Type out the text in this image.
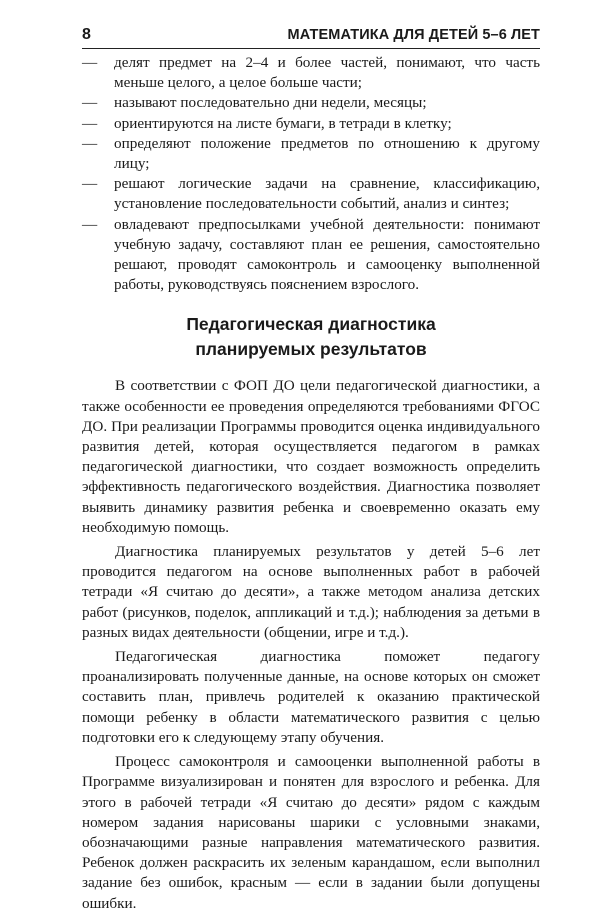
8	МАТЕМАТИКА ДЛЯ ДЕТЕЙ 5–6 ЛЕТ
— делят предмет на 2–4 и более частей, понимают, что часть меньше целого, а целое больше части;
— называют последовательно дни недели, месяцы;
— ориентируются на листе бумаги, в тетради в клетку;
— определяют положение предметов по отношению к другому лицу;
— решают логические задачи на сравнение, классификацию, установление последовательности событий, анализ и синтез;
— овладевают предпосылками учебной деятельности: понимают учебную задачу, составляют план ее решения, самостоятельно решают, проводят самоконтроль и самооценку выполненной работы, руководствуясь пояснением взрослого.
Педагогическая диагностика
планируемых результатов

В соответствии с ФОП ДО цели педагогической диагностики, а также особенности ее проведения определяются требованиями ФГОС ДО. При реализации Программы проводится оценка индивидуального развития детей, которая осуществляется педагогом в рамках педагогической диагностики, что создает возможность определить эффективность педагогического воздействия. Диагностика позволяет выявить динамику развития ребенка и своевременно оказать ему необходимую помощь.

Диагностика планируемых результатов у детей 5–6 лет проводится педагогом на основе выполненных работ в рабочей тетради «Я считаю до десяти», а также методом анализа детских работ (рисунков, поделок, аппликаций и т.д.); наблюдения за детьми в разных видах деятельности (общении, игре и т.д.).

Педагогическая диагностика поможет педагогу проанализировать полученные данные, на основе которых он сможет составить план, привлечь родителей к оказанию практической помощи ребенку в области математического развития с целью подготовки его к следующему этапу обучения.

Процесс самоконтроля и самооценки выполненной работы в Программе визуализирован и понятен для взрослого и ребенка. Для этого в рабочей тетради «Я считаю до десяти» рядом с каждым номером задания нарисованы шарики с условными знаками, обозначающими разные направления математического развития. Ребенок должен раскрасить их зеленым карандашом, если выполнил задание без ошибок, красным — если в задании были допущены ошибки.
